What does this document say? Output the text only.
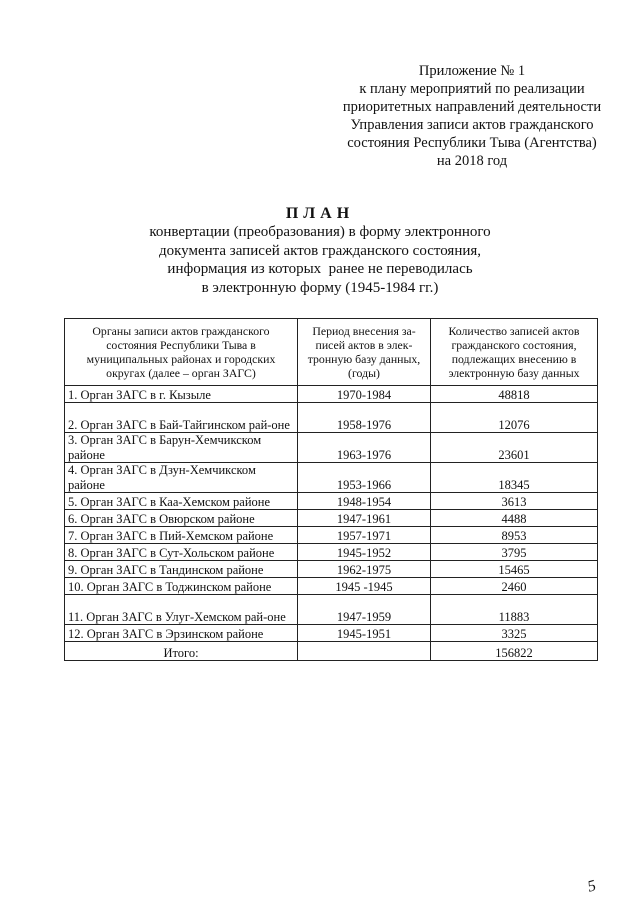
Приложение № 1
к плану мероприятий по реализации
приоритетных направлений деятельности
Управления записи актов гражданского
состояния Республики Тыва (Агентства)
на 2018 год
ПЛАН
конвертации (преобразования) в форму электронного
документа записей актов гражданского состояния,
информация из которых  ранее не переводилась
в электронную форму (1945-1984 гг.)
Органы записи актов гражданского состояния Республики Тыва в муниципальных районах и городских округах (далее – орган ЗАГС)	Период внесения за-писей актов в элек-тронную базу данных, (годы)	Количество записей актов гражданского состояния, подлежащих внесению в электронную базу данных
1. Орган ЗАГС в г. Кызыле	1970-1984	48818
2. Орган ЗАГС в Бай-Тайгинском рай-оне	1958-1976	12076
3. Орган ЗАГС в Барун-Хемчикском районе	1963-1976	23601
4. Орган ЗАГС в Дзун-Хемчикском районе	1953-1966	18345
5. Орган ЗАГС в Каа-Хемском районе	1948-1954	3613
6. Орган ЗАГС в Овюрском районе	1947-1961	4488
7. Орган ЗАГС в Пий-Хемском районе	1957-1971	8953
8. Орган ЗАГС в Сут-Хольском районе	1945-1952	3795
9. Орган ЗАГС в Тандинском районе	1962-1975	15465
10. Орган ЗАГС в Тоджинском районе	1945 -1945	2460
11. Орган ЗАГС в Улуг-Хемском рай-оне	1947-1959	11883
12. Орган ЗАГС в Эрзинском районе	1945-1951	3325
Итого:		156822
5
